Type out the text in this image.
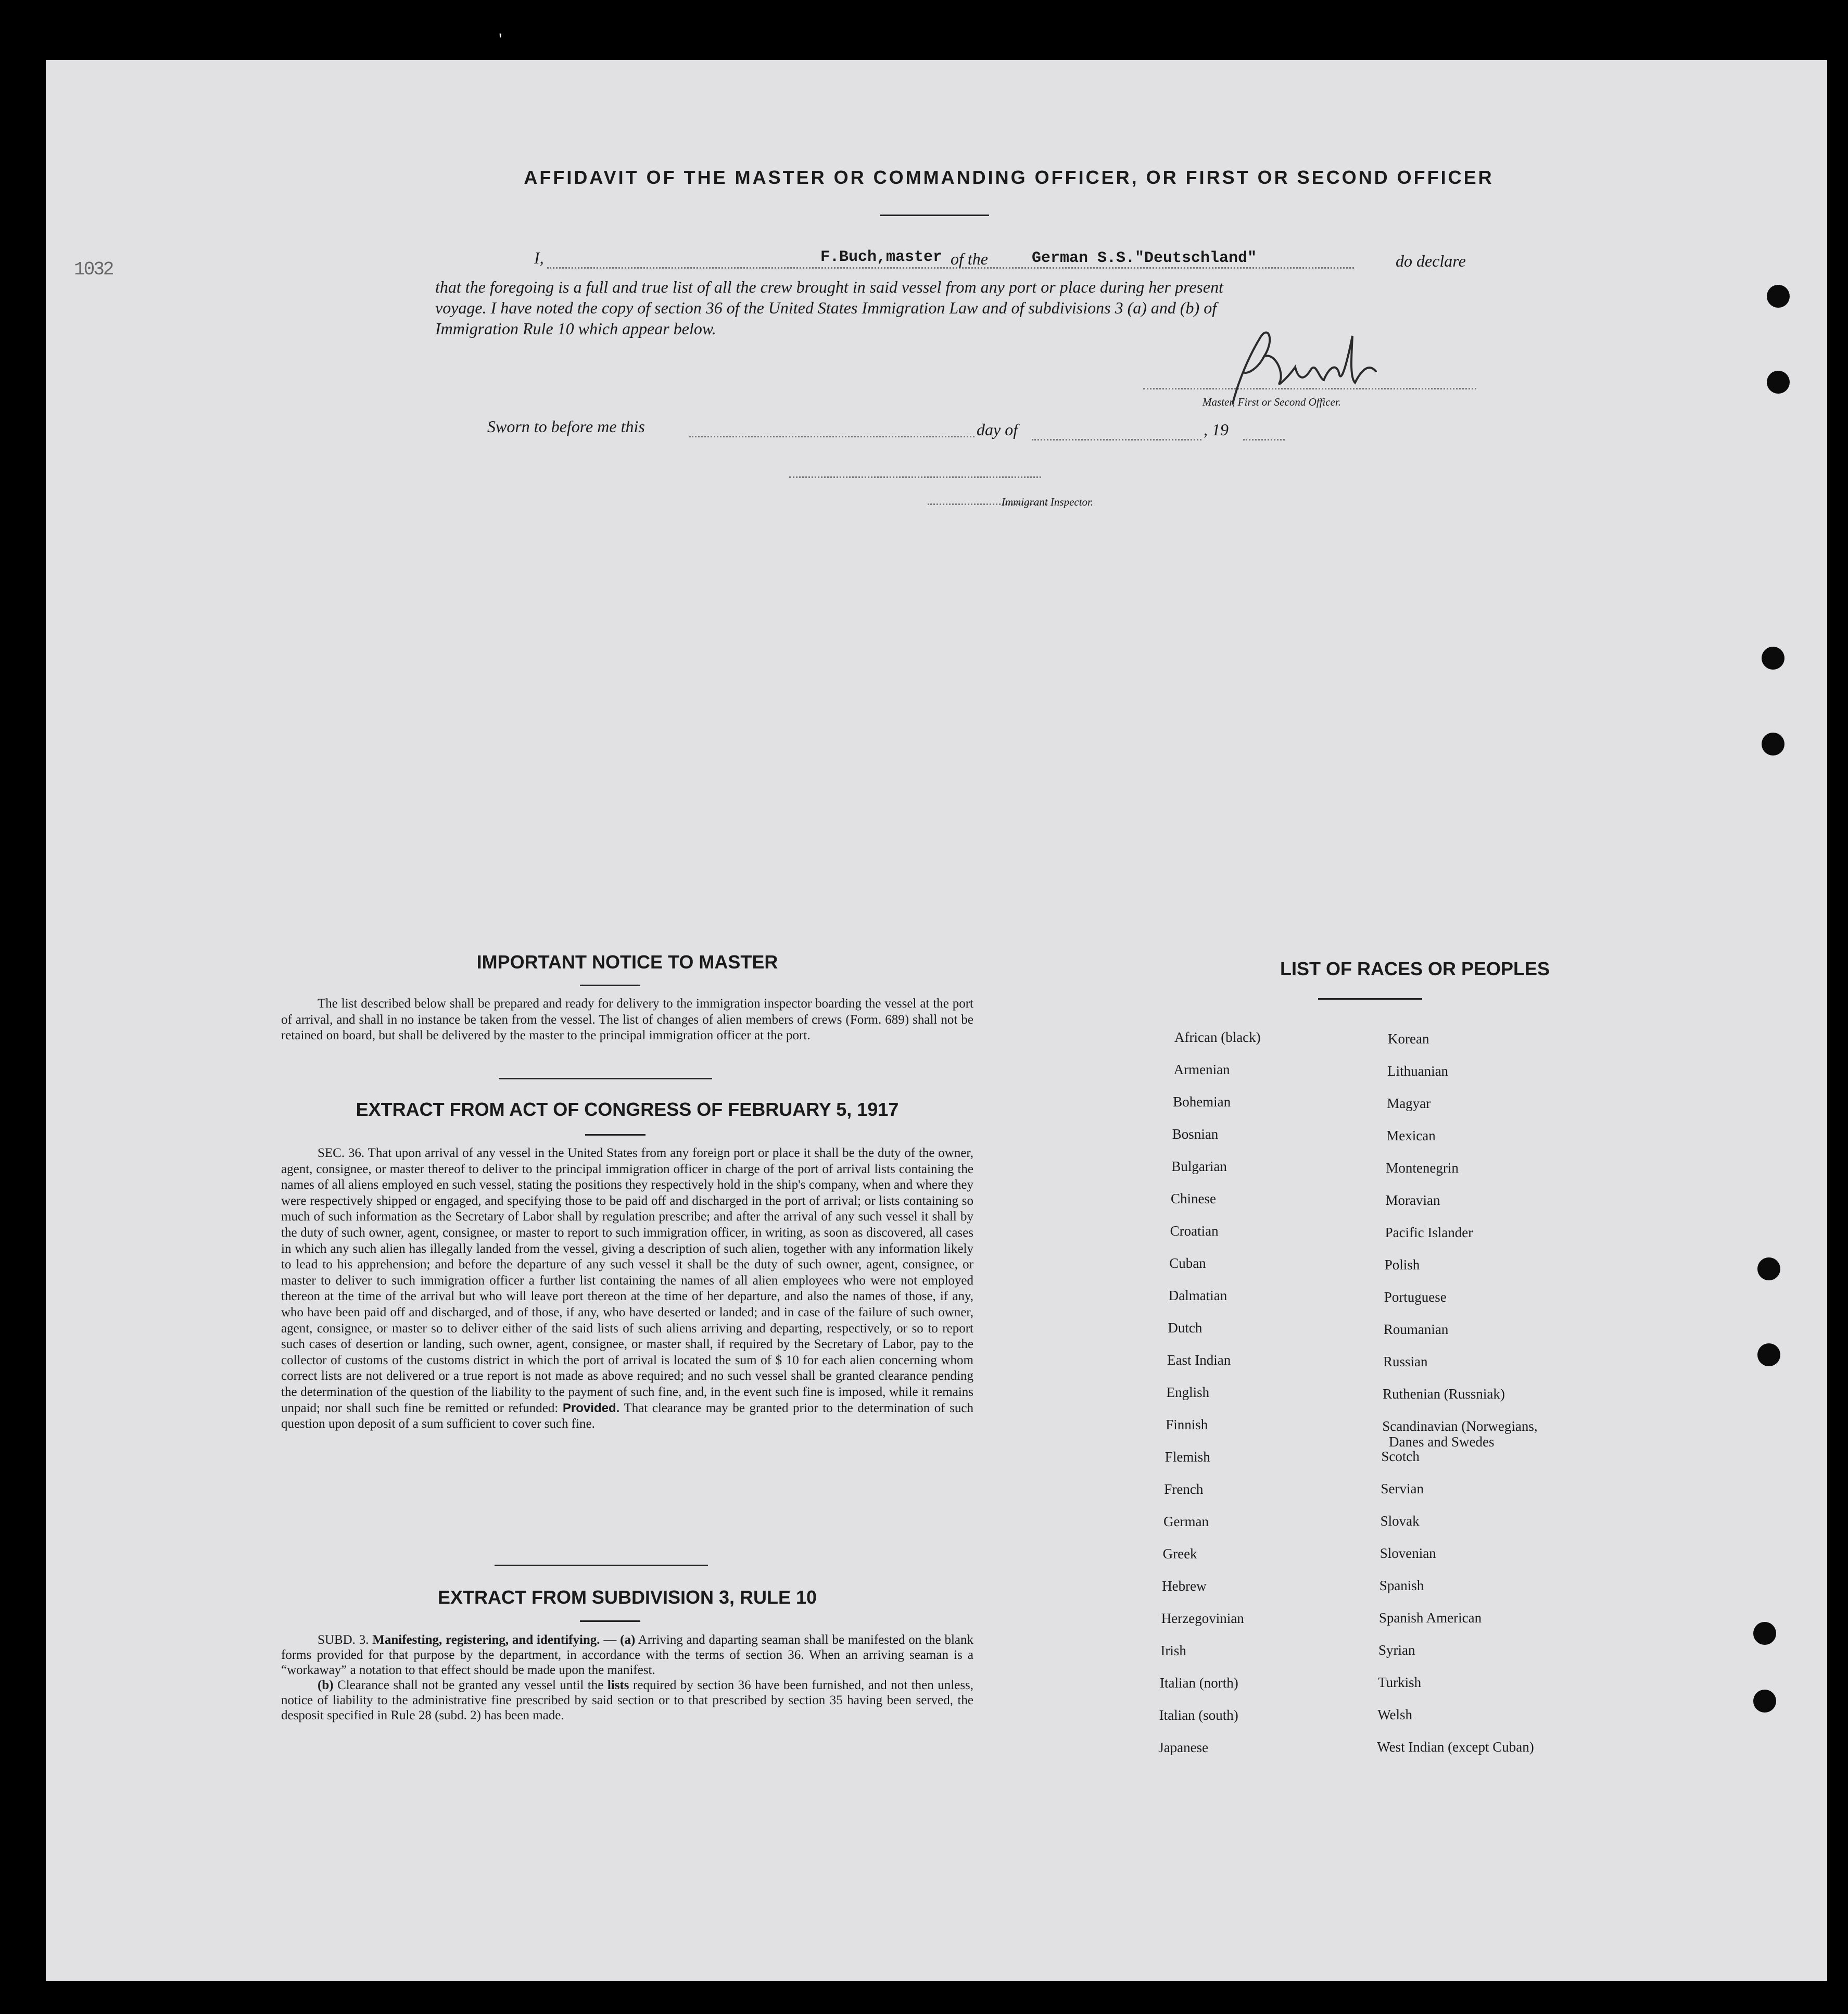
'
1032
AFFIDAVIT OF THE MASTER OR COMMANDING OFFICER, OR FIRST OR SECOND OFFICER
I,	F.Buch,master of the	German S.S."Deutschland"	do declare
that the foregoing is a full and true list of all the crew brought in said vessel from any port or place during her present
voyage. I have noted the copy of section 36 of the United States Immigration Law and of subdivisions 3 (a) and (b) of
Immigration Rule 10 which appear below.
Master, First or Second Officer.
Sworn to before me this	day of	, 19
Immigrant Inspector.
IMPORTANT NOTICE TO MASTER

The list described below shall be prepared and ready for delivery to the immigration inspector boarding the vessel at the port of arrival, and shall in no instance be taken from the vessel. The list of changes of alien members of crews (Form. 689) shall not be retained on board, but shall be delivered by the master to the principal immigration officer at the port.

EXTRACT FROM ACT OF CONGRESS OF FEBRUARY 5, 1917

SEC. 36. That upon arrival of any vessel in the United States from any foreign port or place it shall be the duty of the owner, agent, consignee, or master thereof to deliver to the principal immigration officer in charge of the port of arrival lists containing the names of all aliens employed en such vessel, stating the positions they respectively hold in the ship's company, when and where they were respectively shipped or engaged, and specifying those to be paid off and discharged in the port of arrival; or lists containing so much of such information as the Secretary of Labor shall by regulation prescribe; and after the arrival of any such vessel it shall by the duty of such owner, agent, consignee, or master to report to such immigration officer, in writing, as soon as discovered, all cases in which any such alien has illegally landed from the vessel, giving a description of such alien, together with any information likely to lead to his apprehension; and before the departure of any such vessel it shall be the duty of such owner, agent, consignee, or master to deliver to such immigration officer a further list containing the names of all alien employees who were not employed thereon at the time of the arrival but who will leave port thereon at the time of her departure, and also the names of those, if any, who have been paid off and discharged, and of those, if any, who have deserted or landed; and in case of the failure of such owner, agent, consignee, or master so to deliver either of the said lists of such aliens arriving and departing, respectively, or so to report such cases of desertion or landing, such owner, agent, consignee, or master shall, if required by the Secretary of Labor, pay to the collector of customs of the customs district in which the port of arrival is located the sum of $ 10 for each alien concerning whom correct lists are not delivered or a true report is not made as above required; and no such vessel shall be granted clearance pending the determination of the question of the liability to the payment of such fine, and, in the event such fine is imposed, while it remains unpaid; nor shall such fine be remitted or refunded: Provided. That clearance may be granted prior to the determination of such question upon deposit of a sum sufficient to cover such fine.

EXTRACT FROM SUBDIVISION 3, RULE 10

SUBD. 3. Manifesting, registering, and identifying. — (a) Arriving and daparting seaman shall be manifested on the blank forms provided for that purpose by the department, in accordance with the terms of section 36. When an arriving seaman is a “workaway” a notation to that effect should be made upon the manifest.

(b) Clearance shall not be granted any vessel until the lists required by section 36 have been furnished, and not then unless, notice of liability to the administrative fine prescribed by said section or to that prescribed by section 35 having been served, the desposit specified in Rule 28 (subd. 2) has been made.

LIST OF RACES OR PEOPLES
African (black)
Armenian
Bohemian
Bosnian
Bulgarian
Chinese
Croatian
Cuban
Dalmatian
Dutch
East Indian
English
Finnish
Flemish
French
German
Greek
Hebrew
Herzegovinian
Irish
Italian (north)
Italian (south)
Japanese
Korean
Lithuanian
Magyar
Mexican
Montenegrin
Moravian
Pacific Islander
Polish
Portuguese
Roumanian
Russian
Ruthenian (Russniak)
Scandinavian (Norwegians,
Danes and Swedes
Scotch
Servian
Slovak
Slovenian
Spanish
Spanish American
Syrian
Turkish
Welsh
West Indian (except Cuban)
